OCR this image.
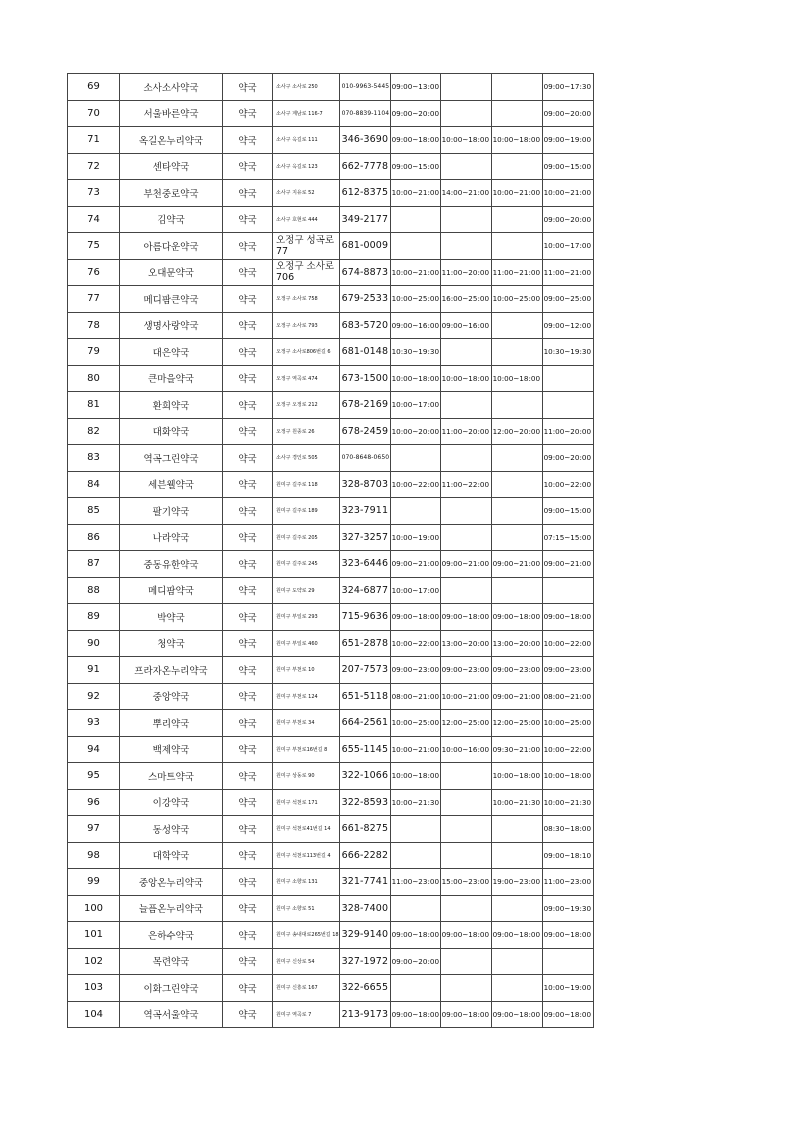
69	소사소사약국	약국	소사구 소사로 250	010-9963-5445	09:00~13:00			09:00~17:30
70	서울바른약국	약국	소사구 계남로 116-7	070-8839-1104	09:00~20:00			09:00~20:00
71	옥길온누리약국	약국	소사구 옥길로 111	346-3690	09:00~18:00	10:00~18:00	10:00~18:00	09:00~19:00
72	센타약국	약국	소사구 옥길로 123	662-7778	09:00~15:00			09:00~15:00
73	부천중로약국	약국	소사구 지유로 52	612-8375	10:00~21:00	14:00~21:00	10:00~21:00	10:00~21:00
74	김약국	약국	소사구 호현로 444	349-2177				09:00~20:00
75	아름다운약국	약국	오정구 성곡로 77	681-0009				10:00~17:00
76	오대문약국	약국	오정구 소사로 706	674-8873	10:00~21:00	11:00~20:00	11:00~21:00	11:00~21:00
77	메디팜큰약국	약국	오정구 소사로 758	679-2533	10:00~25:00	16:00~25:00	10:00~25:00	09:00~25:00
78	생명사랑약국	약국	오정구 소사로 793	683-5720	09:00~16:00	09:00~16:00		09:00~12:00
79	대은약국	약국	오정구 소사로806번길 6	681-0148	10:30~19:30			10:30~19:30
80	큰마을약국	약국	오정구 역곡로 474	673-1500	10:00~18:00	10:00~18:00	10:00~18:00	
81	환희약국	약국	오정구 오정로 212	678-2169	10:00~17:00			
82	대화약국	약국	오정구 원종로 26	678-2459	10:00~20:00	11:00~20:00	12:00~20:00	11:00~20:00
83	역곡그린약국	약국	소사구 경인로 505	070-8648-0650				09:00~20:00
84	세븐웰약국	약국	원미구 길주로 118	328-8703	10:00~22:00	11:00~22:00		10:00~22:00
85	팔기약국	약국	원미구 길주로 189	323-7911				09:00~15:00
86	나라약국	약국	원미구 길주로 205	327-3257	10:00~19:00			07:15~15:00
87	중동유한약국	약국	원미구 길주로 245	323-6446	09:00~21:00	09:00~21:00	09:00~21:00	09:00~21:00
88	메디팜약국	약국	원미구 도약로 29	324-6877	10:00~17:00			
89	박약국	약국	원미구 부일로 293	715-9636	09:00~18:00	09:00~18:00	09:00~18:00	09:00~18:00
90	청약국	약국	원미구 부일로 460	651-2878	10:00~22:00	13:00~20:00	13:00~20:00	10:00~22:00
91	프라자온누리약국	약국	원미구 부천로 10	207-7573	09:00~23:00	09:00~23:00	09:00~23:00	09:00~23:00
92	중앙약국	약국	원미구 부천로 124	651-5118	08:00~21:00	10:00~21:00	09:00~21:00	08:00~21:00
93	뿌리약국	약국	원미구 부천로 34	664-2561	10:00~25:00	12:00~25:00	12:00~25:00	10:00~25:00
94	백제약국	약국	원미구 부천로16번길 8	655-1145	10:00~21:00	10:00~16:00	09:30~21:00	10:00~22:00
95	스마트약국	약국	원미구 상동로 90	322-1066	10:00~18:00		10:00~18:00	10:00~18:00
96	이강약국	약국	원미구 석천로 171	322-8593	10:00~21:30		10:00~21:30	10:00~21:30
97	동성약국	약국	원미구 석천로41번길 14	661-8275				08:30~18:00
98	대학약국	약국	원미구 석천로113번길 4	666-2282				09:00~18:10
99	중앙온누리약국	약국	원미구 소향로 131	321-7741	11:00~23:00	15:00~23:00	19:00~23:00	11:00~23:00
100	늘픔온누리약국	약국	원미구 소향로 51	328-7400				09:00~19:30
101	은하수약국	약국	원미구 송내대로265번길 18	329-9140	09:00~18:00	09:00~18:00	09:00~18:00	09:00~18:00
102	목련약국	약국	원미구 신상로 54	327-1972	09:00~20:00			
103	이화그린약국	약국	원미구 신흥로 167	322-6655				10:00~19:00
104	역곡서울약국	약국	원미구 역곡로 7	213-9173	09:00~18:00	09:00~18:00	09:00~18:00	09:00~18:00
